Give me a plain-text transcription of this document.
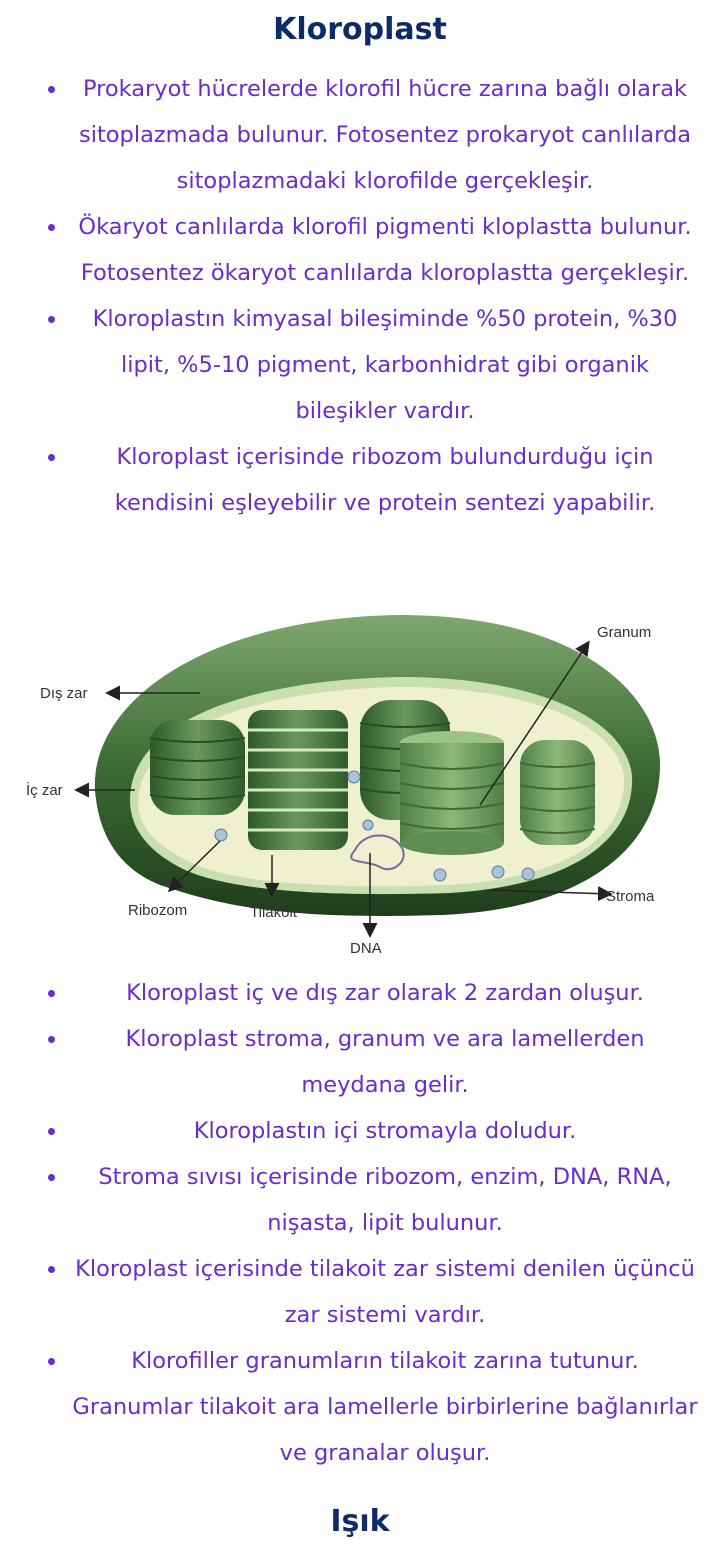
Kloroplast
Prokaryot hücrelerde klorofil hücre zarına bağlı olarak sitoplazmada bulunur. Fotosentez prokaryot canlılarda sitoplazmadaki klorofilde gerçekleşir.
Ökaryot canlılarda klorofil pigmenti kloplastta bulunur. Fotosentez ökaryot canlılarda kloroplastta gerçekleşir.
Kloroplastın kimyasal bileşiminde %50 protein, %30 lipit, %5-10 pigment, karbonhidrat gibi organik bileşikler vardır.
Kloroplast içerisinde ribozom bulundurduğu için kendisini eşleyebilir ve protein sentezi yapabilir.
Granum
Dış zar
İç zar
Ribozom	Tilakoit
DNA
Stroma
Kloroplast iç ve dış zar olarak 2 zardan oluşur.
Kloroplast stroma, granum ve ara lamellerden meydana gelir.
Kloroplastın içi stromayla doludur.
Stroma sıvısı içerisinde ribozom, enzim, DNA, RNA, nişasta, lipit bulunur.
Kloroplast içerisinde tilakoit zar sistemi denilen üçüncü zar sistemi vardır.
Klorofiller granumların tilakoit zarına tutunur. Granumlar tilakoit ara lamellerle birbirlerine bağlanırlar ve granalar oluşur.
Işık
